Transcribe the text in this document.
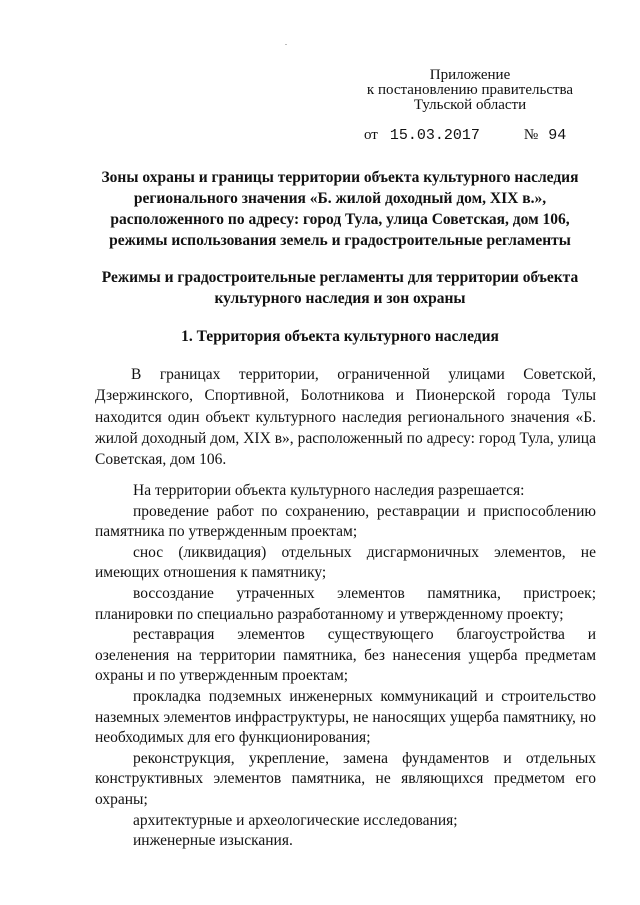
Приложение
к постановлению правительства
Тульской области
от 15.03.2017	№ 94
Зоны охраны и границы территории объекта культурного наследия
регионального значения «Б. жилой доходный дом, XIX в.»,
расположенного по адресу: город Тула, улица Советская, дом 106,
режимы использования земель и градостроительные регламенты
Режимы и градостроительные регламенты для территории объекта
культурного наследия и зон охраны
1. Территория объекта культурного наследия

В границах территории, ограниченной улицами Советской, Дзержинского, Спортивной, Болотникова и Пионерской города Тулы находится один объект культурного наследия регионального значения «Б. жилой доходный дом, XIX в», расположенный по адресу: город Тула, улица Советская, дом 106.

На территории объекта культурного наследия разрешается:

проведение работ по сохранению, реставрации и приспособлению памятника по утвержденным проектам;

снос (ликвидация) отдельных дисгармоничных элементов, не имеющих отношения к памятнику;

воссоздание утраченных элементов памятника, пристроек; планировки по специально разработанному и утвержденному проекту;

реставрация элементов существующего благоустройства и озеленения на территории памятника, без нанесения ущерба предметам охраны и по утвержденным проектам;

прокладка подземных инженерных коммуникаций и строительство наземных элементов инфраструктуры, не наносящих ущерба памятнику, но необходимых для его функционирования;

реконструкция, укрепление, замена фундаментов и отдельных конструктивных элементов памятника, не являющихся предметом его охраны;

архитектурные и археологические исследования;

инженерные изыскания.
